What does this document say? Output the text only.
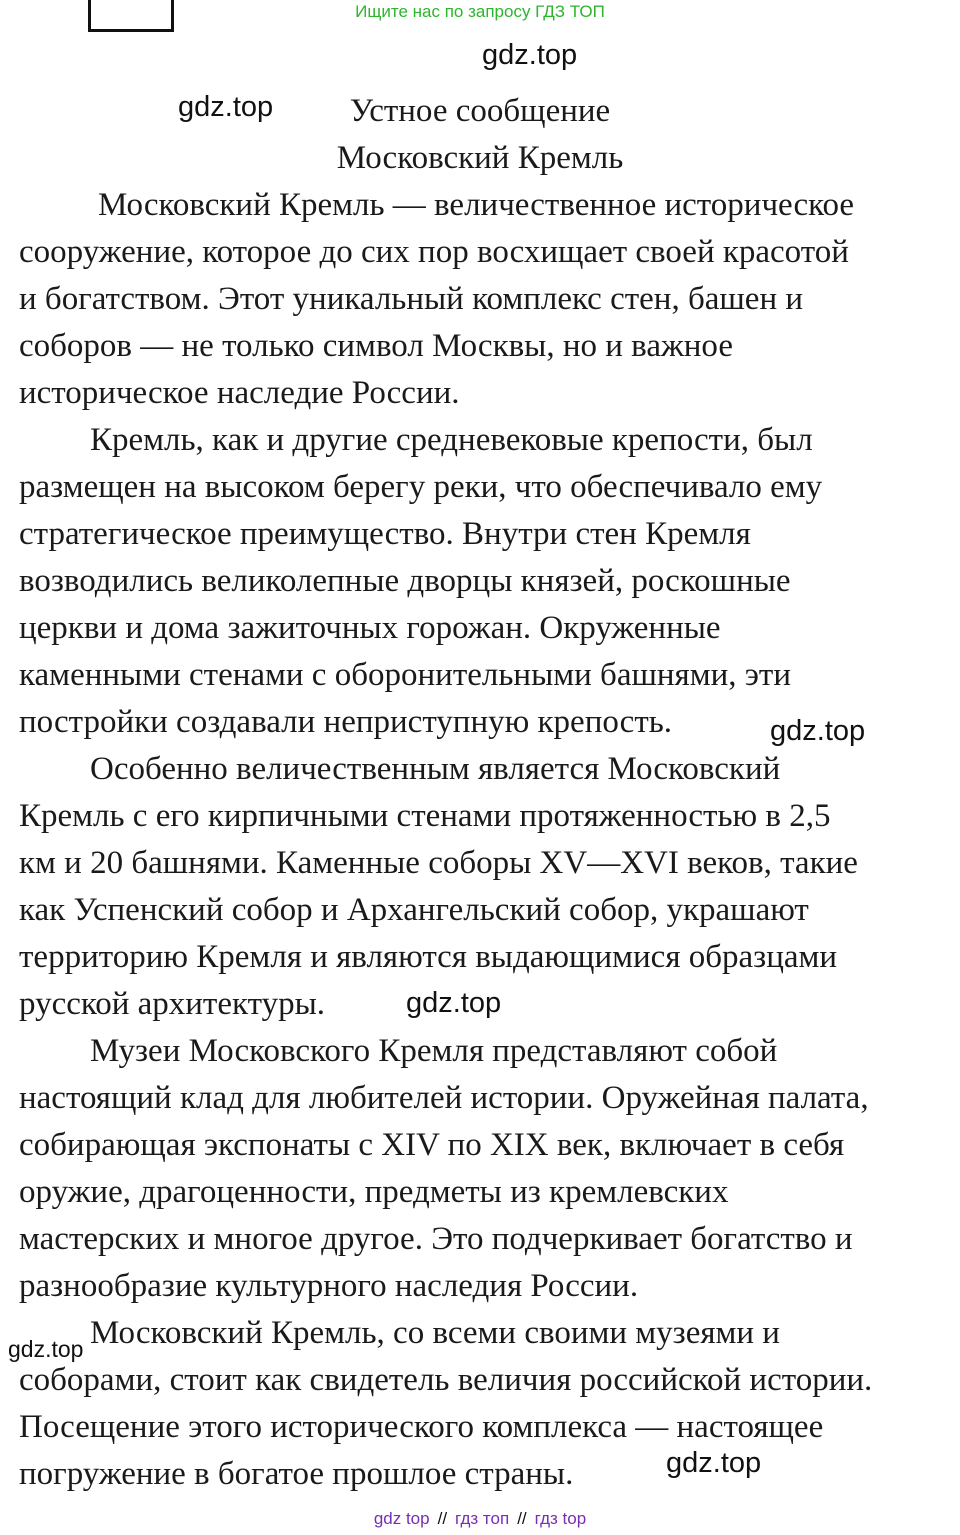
Ищите нас по запросу ГДЗ ТОП
gdz.top
gdz.top
gdz.top
gdz.top
gdz.top
gdz.top
Устное сообщение
Московский Кремль
Московский Кремль — величественное историческое
сооружение, которое до сих пор восхищает своей красотой
и богатством. Этот уникальный комплекс стен, башен и
соборов — не только символ Москвы, но и важное
историческое наследие России.
Кремль, как и другие средневековые крепости, был
размещен на высоком берегу реки, что обеспечивало ему
стратегическое преимущество. Внутри стен Кремля
возводились великолепные дворцы князей, роскошные
церкви и дома зажиточных горожан. Окруженные
каменными стенами с оборонительными башнями, эти
постройки создавали неприступную крепость.
Особенно величественным является Московский
Кремль с его кирпичными стенами протяженностью в 2,5
км и 20 башнями. Каменные соборы XV—XVI веков, такие
как Успенский собор и Архангельский собор, украшают
территорию Кремля и являются выдающимися образцами
русской архитектуры.
Музеи Московского Кремля представляют собой
настоящий клад для любителей истории. Оружейная палата,
собирающая экспонаты с XIV по XIX век, включает в себя
оружие, драгоценности, предметы из кремлевских
мастерских и многое другое. Это подчеркивает богатство и
разнообразие культурного наследия России.
Московский Кремль, со всеми своими музеями и
соборами, стоит как свидетель величия российской истории.
Посещение этого исторического комплекса — настоящее
погружение в богатое прошлое страны.
gdz top // гдз топ // гдз top
